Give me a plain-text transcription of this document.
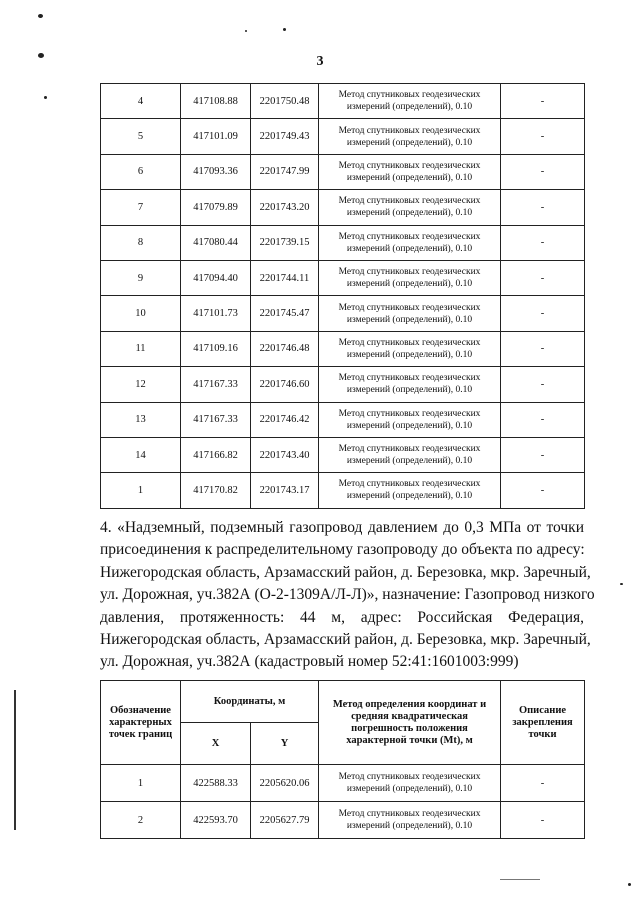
3
4	417108.88	2201750.48	Метод спутниковых геодезических измерений (определений), 0.10	-
5	417101.09	2201749.43	Метод спутниковых геодезических измерений (определений), 0.10	-
6	417093.36	2201747.99	Метод спутниковых геодезических измерений (определений), 0.10	-
7	417079.89	2201743.20	Метод спутниковых геодезических измерений (определений), 0.10	-
8	417080.44	2201739.15	Метод спутниковых геодезических измерений (определений), 0.10	-
9	417094.40	2201744.11	Метод спутниковых геодезических измерений (определений), 0.10	-
10	417101.73	2201745.47	Метод спутниковых геодезических измерений (определений), 0.10	-
11	417109.16	2201746.48	Метод спутниковых геодезических измерений (определений), 0.10	-
12	417167.33	2201746.60	Метод спутниковых геодезических измерений (определений), 0.10	-
13	417167.33	2201746.42	Метод спутниковых геодезических измерений (определений), 0.10	-
14	417166.82	2201743.40	Метод спутниковых геодезических измерений (определений), 0.10	-
1	417170.82	2201743.17	Метод спутниковых геодезических измерений (определений), 0.10	-
4. «Надземный, подземный газопровод давлением до 0,3 МПа от точки
присоединения к распределительному газопроводу до объекта по адресу:
Нижегородская область, Арзамасский район, д. Березовка, мкр. Заречный,
ул. Дорожная, уч.382А (О-2-1309А/Л-Л)», назначение: Газопровод низкого
давления, протяженность: 44 м, адрес: Российская Федерация,
Нижегородская область, Арзамасский район, д. Березовка, мкр. Заречный,
ул. Дорожная, уч.382А (кадастровый номер 52:41:1601003:999)
Обозначение характерных точек границ	Координаты, м		Метод определения координат и средняя квадратическая погрешность положения характерной точки (Mt), м	Описание закрепления точки
	X	Y		
1	422588.33	2205620.06	Метод спутниковых геодезических измерений (определений), 0.10	-
2	422593.70	2205627.79	Метод спутниковых геодезических измерений (определений), 0.10	-
